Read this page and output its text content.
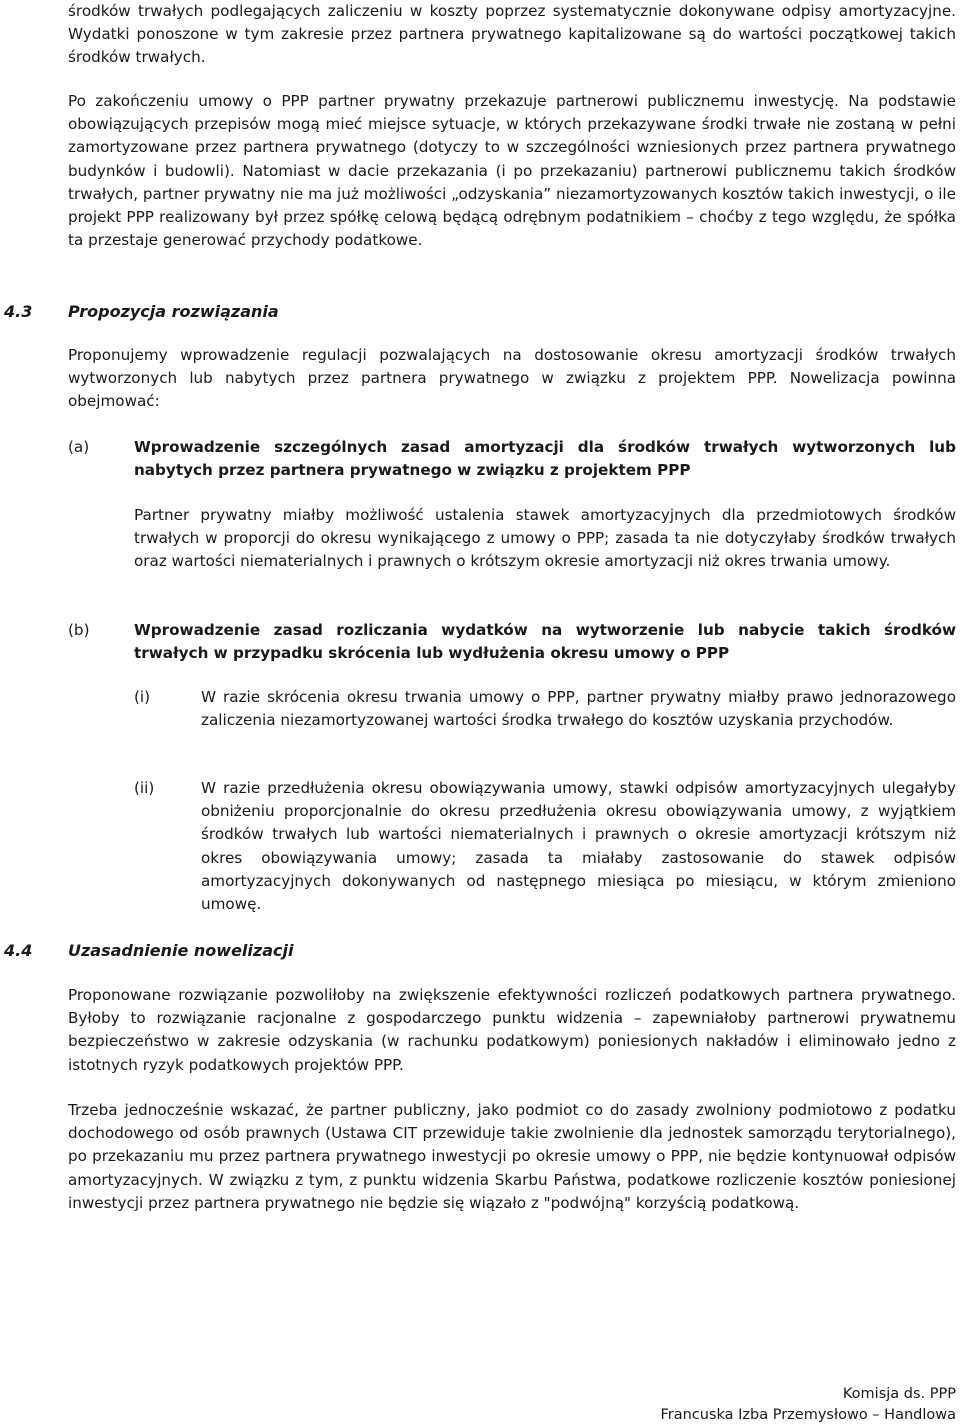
środków trwałych podlegających zaliczeniu w koszty poprzez systematycznie dokonywane odpisy amortyzacyjne. Wydatki ponoszone w tym zakresie przez partnera prywatnego kapitalizowane są do wartości początkowej takich środków trwałych.

Po zakończeniu umowy o PPP partner prywatny przekazuje partnerowi publicznemu inwestycję. Na podstawie obowiązujących przepisów mogą mieć miejsce sytuacje, w których przekazywane środki trwałe nie zostaną w pełni zamortyzowane przez partnera prywatnego (dotyczy to w szczególności wzniesionych przez partnera prywatnego budynków i budowli). Natomiast w dacie przekazania (i po przekazaniu) partnerowi publicznemu takich środków trwałych, partner prywatny nie ma już możliwości „odzyskania” niezamortyzowanych kosztów takich inwestycji, o ile projekt PPP realizowany był przez spółkę celową będącą odrębnym podatnikiem – choćby z tego względu, że spółka ta przestaje generować przychody podatkowe.

4.3 Propozycja rozwiązania

Proponujemy wprowadzenie regulacji pozwalających na dostosowanie okresu amortyzacji środków trwałych wytworzonych lub nabytych przez partnera prywatnego w związku z projektem PPP. Nowelizacja powinna obejmować:

(a)	Wprowadzenie szczególnych zasad amortyzacji dla środków trwałych wytworzonych lub nabytych przez partnera prywatnego w związku z projektem PPP

Partner prywatny miałby możliwość ustalenia stawek amortyzacyjnych dla przedmiotowych środków trwałych w proporcji do okresu wynikającego z umowy o PPP; zasada ta nie dotyczyłaby środków trwałych oraz wartości niematerialnych i prawnych o krótszym okresie amortyzacji niż okres trwania umowy.

(b)	Wprowadzenie zasad rozliczania wydatków na wytworzenie lub nabycie takich środków trwałych w przypadku skrócenia lub wydłużenia okresu umowy o PPP

(i)	W razie skrócenia okresu trwania umowy o PPP, partner prywatny miałby prawo jednorazowego zaliczenia niezamortyzowanej wartości środka trwałego do kosztów uzyskania przychodów.

(ii)	W razie przedłużenia okresu obowiązywania umowy, stawki odpisów amortyzacyjnych ulegałyby obniżeniu proporcjonalnie do okresu przedłużenia okresu obowiązywania umowy, z wyjątkiem środków trwałych lub wartości niematerialnych i prawnych o okresie amortyzacji krótszym niż okres obowiązywania umowy; zasada ta miałaby zastosowanie do stawek odpisów amortyzacyjnych dokonywanych od następnego miesiąca po miesiącu, w którym zmieniono umowę.

4.4 Uzasadnienie nowelizacji

Proponowane rozwiązanie pozwoliłoby na zwiększenie efektywności rozliczeń podatkowych partnera prywatnego. Byłoby to rozwiązanie racjonalne z gospodarczego punktu widzenia – zapewniałoby partnerowi prywatnemu bezpieczeństwo w zakresie odzyskania (w rachunku podatkowym) poniesionych nakładów i eliminowało jedno z istotnych ryzyk podatkowych projektów PPP.

Trzeba jednocześnie wskazać, że partner publiczny, jako podmiot co do zasady zwolniony podmiotowo z podatku dochodowego od osób prawnych (Ustawa CIT przewiduje takie zwolnienie dla jednostek samorządu terytorialnego), po przekazaniu mu przez partnera prywatnego inwestycji po okresie umowy o PPP, nie będzie kontynuował odpisów amortyzacyjnych. W związku z tym, z punktu widzenia Skarbu Państwa, podatkowe rozliczenie kosztów poniesionej inwestycji przez partnera prywatnego nie będzie się wiązało z "podwójną" korzyścią podatkową.

Komisja ds. PPP

Francuska Izba Przemysłowo – Handlowa
